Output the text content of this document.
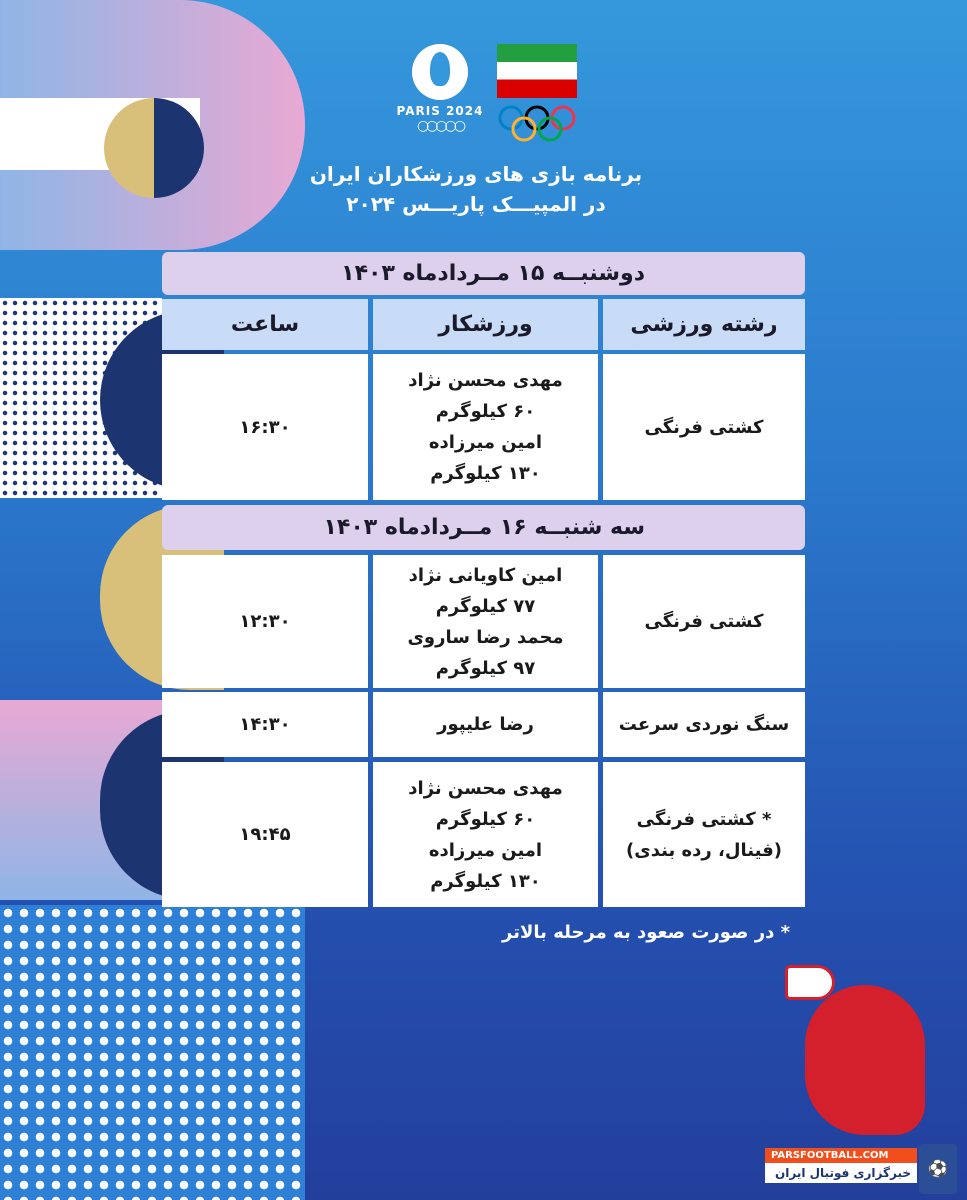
PARIS 2024
○○○○○
برنامه بازی های ورزشکاران ایران
در المپیـــک پاریـــس ۲۰۲۴
دوشنبــه ۱۵ مــرداد‌ماه ۱۴۰۳
رشته ورزشی
ورزشکار
ساعت
کشتی فرنگی
مهدی محسن نژاد
۶۰ کیلوگرم
امین میرزاده
۱۳۰ کیلوگرم
۱۶:۳۰
سه شنبــه ۱۶ مــرداد‌ماه ۱۴۰۳
کشتی فرنگی
امین کاویانی نژاد
۷۷ کیلوگرم
محمد رضا ساروی
۹۷ کیلوگرم
۱۲:۳۰
سنگ نوردی سرعت
رضا علیپور
۱۴:۳۰
* کشتی فرنگی
(فینال، رده بندی)
مهدی محسن نژاد
۶۰ کیلوگرم
امین میرزاده
۱۳۰ کیلوگرم
۱۹:۴۵
* در صورت صعود به مرحله بالاتر
PARSFOOTBALL.COM
خبرگزاری فوتبال ایران	⚽
